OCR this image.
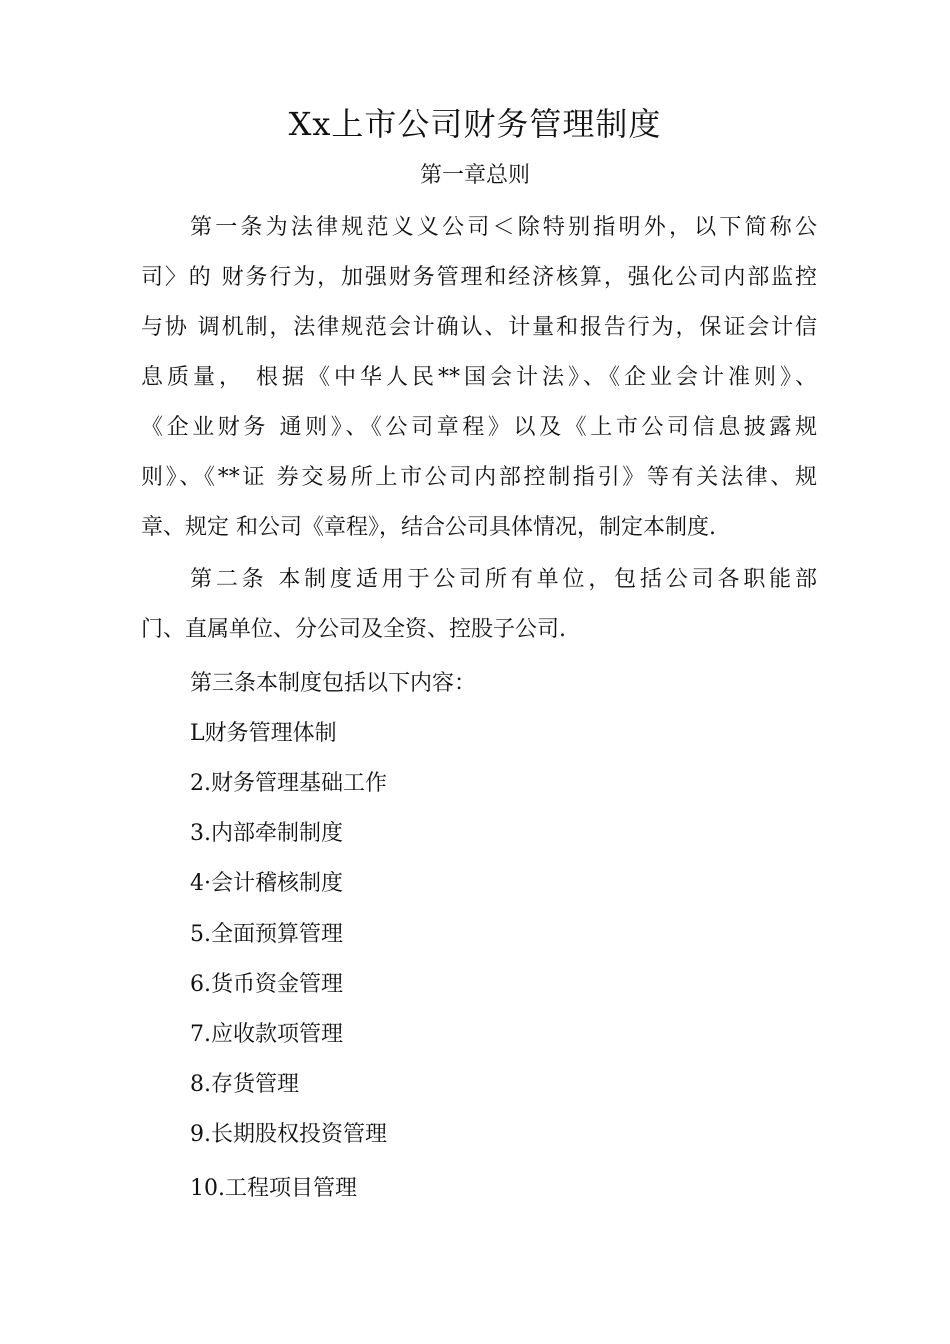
Xx上市公司财务管理制度
第一章总则
第一条为法律规范义义公司＜除特别指明外，以下简称公
司〉的 财务行为，加强财务管理和经济核算，强化公司内部监控
与协 调机制，法律规范会计确认、计量和报告行为，保证会计信
息质量， 根据《中华人民**国会计法》、《企业会计准则》、
《企业财务 通则》、《公司章程》以及《上市公司信息披露规
则》、《**证 券交易所上市公司内部控制指引》等有关法律、规
章、规定 和公司《章程》，结合公司具体情况，制定本制度.
第二条 本制度适用于公司所有单位，包括公司各职能部
门、直属单位、分公司及全资、控股子公司.
第三条本制度包括以下内容：
L财务管理体制
2.财务管理基础工作
3.内部牵制制度
4·会计稽核制度
5.全面预算管理
6.货币资金管理
7.应收款项管理
8.存货管理
9.长期股权投资管理
10.工程项目管理
